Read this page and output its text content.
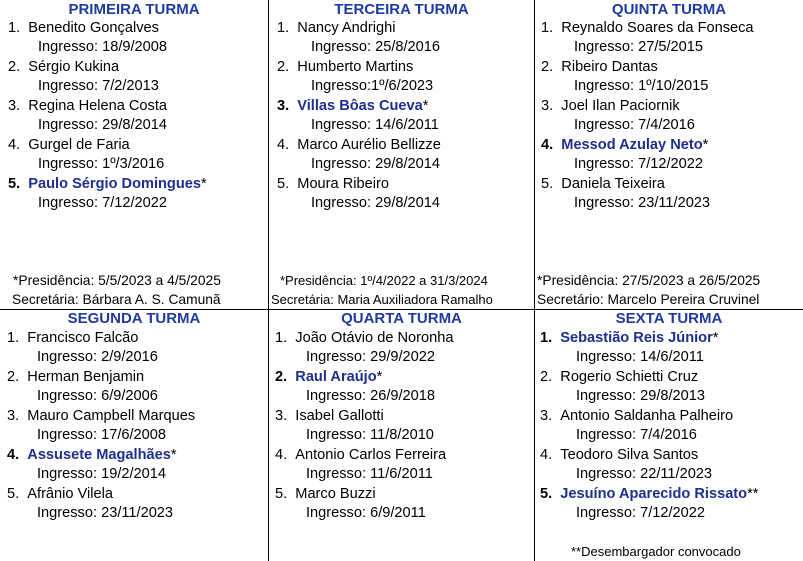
PRIMEIRA TURMA
1. Benedito Gonçalves
Ingresso: 18/9/2008
2. Sérgio Kukina
Ingresso: 7/2/2013
3. Regina Helena Costa
Ingresso: 29/8/2014
4. Gurgel de Faria
Ingresso: 1º/3/2016
5. Paulo Sérgio Domingues*
Ingresso: 7/12/2022
TERCEIRA TURMA
1. Nancy Andrighi
Ingresso: 25/8/2016
2. Humberto Martins
Ingresso:1º/6/2023
3. Villas Bôas Cueva*
Ingresso: 14/6/2011
4. Marco Aurélio Bellizze
Ingresso: 29/8/2014
5. Moura Ribeiro
Ingresso: 29/8/2014
QUINTA TURMA
1. Reynaldo Soares da Fonseca
Ingresso: 27/5/2015
2. Ribeiro Dantas
Ingresso: 1º/10/2015
3. Joel Ilan Paciornik
Ingresso: 7/4/2016
4. Messod Azulay Neto*
Ingresso: 7/12/2022
5. Daniela Teixeira
Ingresso: 23/11/2023
SEGUNDA TURMA
1. Francisco Falcão
Ingresso: 2/9/2016
2. Herman Benjamin
Ingresso: 6/9/2006
3. Mauro Campbell Marques
Ingresso: 17/6/2008
4. Assusete Magalhães*
Ingresso: 19/2/2014
5. Afrânio Vilela
Ingresso: 23/11/2023
QUARTA TURMA
1. João Otávio de Noronha
Ingresso: 29/9/2022
2. Raul Araújo*
Ingresso: 26/9/2018
3. Isabel Gallotti
Ingresso: 11/8/2010
4. Antonio Carlos Ferreira
Ingresso: 11/6/2011
5. Marco Buzzi
Ingresso: 6/9/2011
SEXTA TURMA
1. Sebastião Reis Júnior*
Ingresso: 14/6/2011
2. Rogerio Schietti Cruz
Ingresso: 29/8/2013
3. Antonio Saldanha Palheiro
Ingresso: 7/4/2016
4. Teodoro Silva Santos
Ingresso: 22/11/2023
5. Jesuíno Aparecido Rissato**
Ingresso: 7/12/2022
*Presidência: 5/5/2023 a 4/5/2025
Secretária: Bárbara A. S. Camunã
*Presidência: 1º/4/2022 a 31/3/2024
Secretária: Maria Auxiliadora Ramalho
*Presidência: 27/5/2023 a 26/5/2025
Secretário: Marcelo Pereira Cruvinel
**Desembargador convocado
